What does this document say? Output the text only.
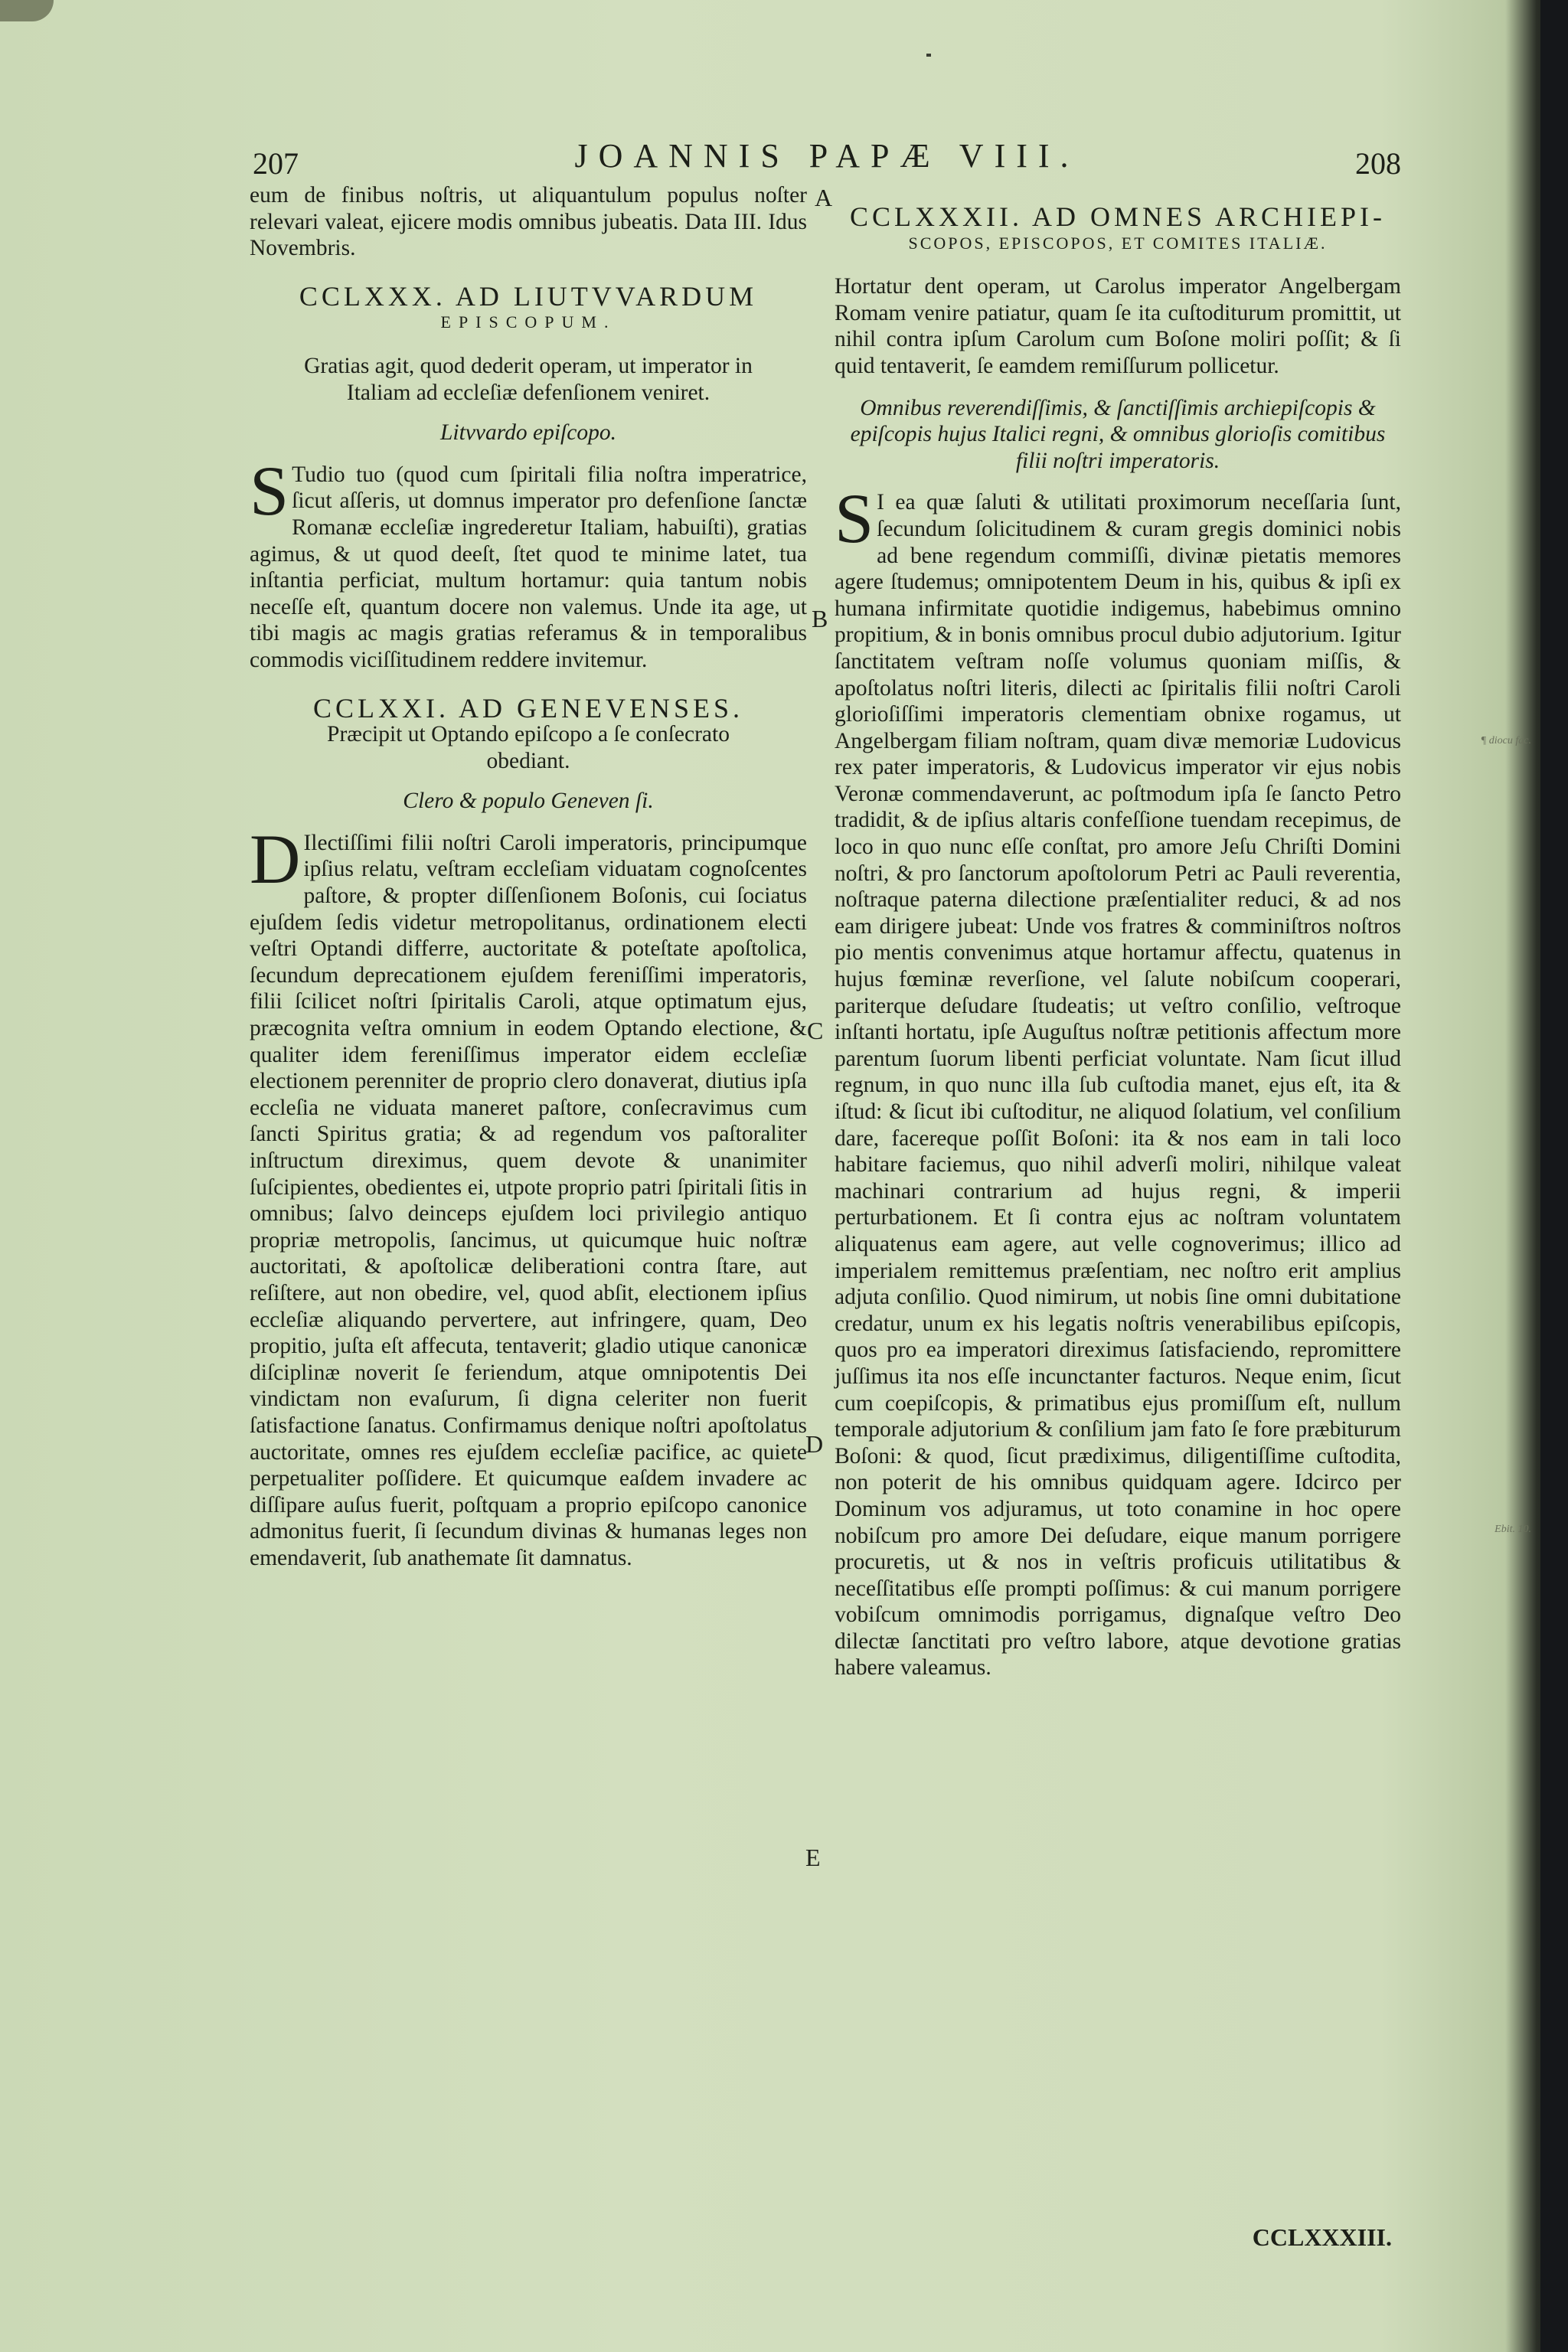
207	JOANNIS PAPÆ VIII.	208

eum de finibus noſtris, ut aliquantulum populus noſter relevari valeat, ejicere modis omnibus jubeatis. Data III. Idus Novembris.

CCLXXX. AD LIUTVVARDUM
EPISCOPUM.

Gratias agit, quod dederit operam, ut imperator in Italiam ad eccleſiæ defenſionem veniret.

Litvvardo epiſcopo.

S Tudio tuo (quod cum ſpiritali filia noſtra imperatrice, ſicut aſſeris, ut domnus imperator pro defenſione ſanctæ Romanæ eccleſiæ ingrederetur Italiam, habuiſti), gratias agimus, & ut quod deeſt, ſtet quod te minime latet, tua inſtantia perficiat, multum hortamur: quia tantum nobis neceſſe eſt, quantum docere non valemus. Unde ita age, ut tibi magis ac magis gratias referamus & in temporalibus commodis viciſſitudinem reddere invitemur.

CCLXXI. AD GENEVENSES.

Præcipit ut Optando epiſcopo a ſe conſecrato obediant.

Clero & populo Geneven ſi.

D Ilectiſſimi filii noſtri Caroli imperatoris, principumque ipſius relatu, veſtram eccleſiam viduatam cognoſcentes paſtore, & propter diſſenſionem Boſonis, cui ſociatus ejuſdem ſedis videtur metropolitanus, ordinationem electi veſtri Optandi differre, auctoritate & poteſtate apoſtolica, ſecundum deprecationem ejuſdem fereniſſimi imperatoris, filii ſcilicet noſtri ſpiritalis Caroli, atque optimatum ejus, præcognita veſtra omnium in eodem Optando electione, & qualiter idem fereniſſimus imperator eidem eccleſiæ electionem perenniter de proprio clero donaverat, diutius ipſa eccleſia ne viduata maneret paſtore, conſecravimus cum ſancti Spiritus gratia; & ad regendum vos paſtoraliter inſtructum direximus, quem devote & unanimiter ſuſcipientes, obedientes ei, utpote proprio patri ſpiritali ſitis in omnibus; ſalvo deinceps ejuſdem loci privilegio antiquo propriæ metropolis, ſancimus, ut quicumque huic noſtræ auctoritati, & apoſtolicæ deliberationi contra ſtare, aut reſiſtere, aut non obedire, vel, quod abſit, electionem ipſius eccleſiæ aliquando pervertere, aut infringere, quam, Deo propitio, juſta eſt affecuta, tentaverit; gladio utique canonicæ diſciplinæ noverit ſe feriendum, atque omnipotentis Dei vindictam non evaſurum, ſi digna celeriter non fuerit ſatisfactione ſanatus. Confirmamus denique noſtri apoſtolatus auctoritate, omnes res ejuſdem eccleſiæ pacifice, ac quiete perpetualiter poſſidere. Et quicumque eaſdem invadere ac diſſipare auſus fuerit, poſtquam a proprio epiſcopo canonice admonitus fuerit, ſi ſecundum divinas & humanas leges non emendaverit, ſub anathemate ſit damnatus.

CCLXXXII. AD OMNES ARCHIEPI-
SCOPOS, EPISCOPOS, ET COMITES ITALIÆ.

Hortatur dent operam, ut Carolus imperator Angelbergam Romam venire patiatur, quam ſe ita cuſtoditurum promittit, ut nihil contra ipſum Carolum cum Boſone moliri poſſit; & ſi quid tentaverit, ſe eamdem remiſſurum pollicetur.

Omnibus reverendiſſimis, & ſanctiſſimis archiepiſcopis & epiſcopis hujus Italici regni, & omnibus glorioſis comitibus filii noſtri imperatoris.

S I ea quæ ſaluti & utilitati proximorum neceſſaria ſunt, ſecundum ſolicitudinem & curam gregis dominici nobis ad bene regendum commiſſi, divinæ pietatis memores agere ſtudemus; omnipotentem Deum in his, quibus & ipſi ex humana infirmitate quotidie indigemus, habebimus omnino propitium, & in bonis omnibus procul dubio adjutorium. Igitur ſanctitatem veſtram noſſe volumus quoniam miſſis, & apoſtolatus noſtri literis, dilecti ac ſpiritalis filii noſtri Caroli glorioſiſſimi imperatoris clementiam obnixe rogamus, ut Angelbergam filiam noſtram, quam divæ memoriæ Ludovicus rex pater imperatoris, & Ludovicus imperator vir ejus nobis Veronæ commendaverunt, ac poſtmodum ipſa ſe ſancto Petro tradidit, & de ipſius altaris confeſſione tuendam recepimus, de loco in quo nunc eſſe conſtat, pro amore Jeſu Chriſti Domini noſtri, & pro ſanctorum apoſtolorum Petri ac Pauli reverentia, noſtraque paterna dilectione præſentialiter reduci, & ad nos eam dirigere jubeat: Unde vos fratres & comminiſtros noſtros pio mentis convenimus atque hortamur affectu, quatenus in hujus fœminæ reverſione, vel ſalute nobiſcum cooperari, pariterque deſudare ſtudeatis; ut veſtro conſilio, veſtroque inſtanti hortatu, ipſe Auguſtus noſtræ petitionis affectum more parentum ſuorum libenti perficiat voluntate. Nam ſicut illud regnum, in quo nunc illa ſub cuſtodia manet, ejus eſt, ita & iſtud: & ſicut ibi cuſtoditur, ne aliquod ſolatium, vel conſilium dare, facereque poſſit Boſoni: ita & nos eam in tali loco habitare faciemus, quo nihil adverſi moliri, nihilque valeat machinari contrarium ad hujus regni, & imperii perturbationem. Et ſi contra ejus ac noſtram voluntatem aliquatenus eam agere, aut velle cognoverimus; illico ad imperialem remittemus præſentiam, nec noſtro erit amplius adjuta conſilio. Quod nimirum, ut nobis ſine omni dubitatione credatur, unum ex his legatis noſtris venerabilibus epiſcopis, quos pro ea imperatori direximus ſatisfaciendo, repromittere juſſimus ita nos eſſe incunctanter facturos. Neque enim, ſicut cum coepiſcopis, & primatibus ejus promiſſum eſt, nullum temporale adjutorium & conſilium jam fato ſe fore præbiturum Boſoni: & quod, ſicut prædiximus, diligentiſſime cuſtodita, non poterit de his omnibus quidquam agere. Idcirco per Dominum vos adjuramus, ut toto conamine in hoc opere nobiſcum pro amore Dei deſudare, eique manum porrigere procuretis, ut & nos in veſtris proficuis utilitatibus & neceſſitatibus eſſe prompti poſſimus: & cui manum porrigere vobiſcum omnimodis porrigamus, dignaſque veſtro Deo dilectæ ſanctitati pro veſtro labore, atque devotione gratias habere valeamus.

A
B
C
D
E
¶ diocu fac.
Ebit. 10.
CCLXXXIII.
